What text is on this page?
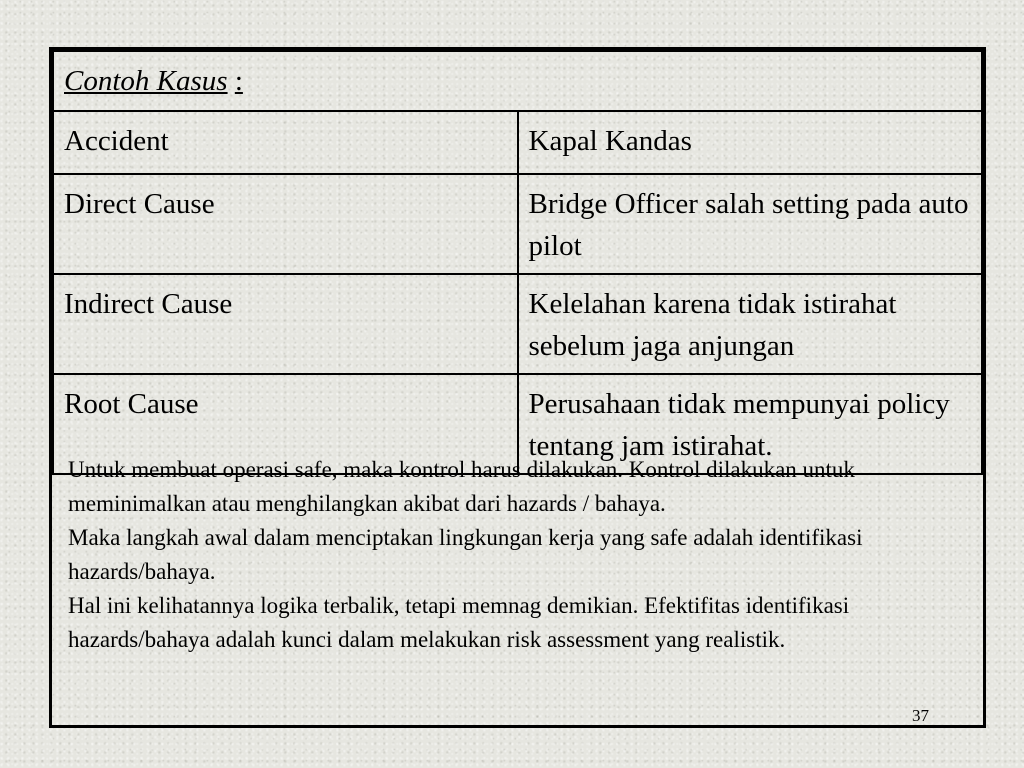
Contoh Kasus :	
Accident	Kapal Kandas
Direct Cause	Bridge Officer salah setting pada auto pilot
Indirect Cause	Kelelahan karena tidak istirahat sebelum jaga anjungan
Root Cause	Perusahaan tidak mempunyai policy tentang jam istirahat.

Untuk membuat operasi safe, maka kontrol harus dilakukan. Kontrol dilakukan untuk meminimalkan atau menghilangkan akibat dari hazards / bahaya.

Maka langkah awal dalam menciptakan lingkungan kerja yang safe adalah identifikasi hazards/bahaya.

Hal ini kelihatannya logika terbalik, tetapi memnag demikian. Efektifitas identifikasi hazards/bahaya adalah kunci dalam melakukan risk assessment yang realistik.

37
